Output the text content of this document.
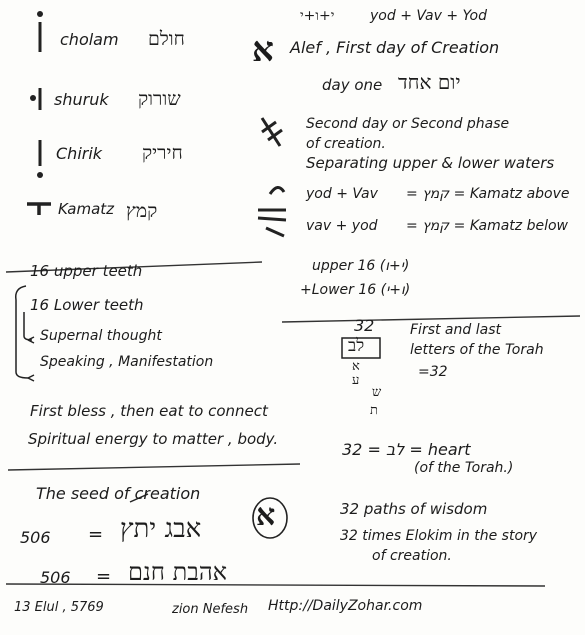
cholam חולם
shuruk שורוק
Chirik חיריק
Kamatz קמץ
י+ו+י	yod + Vav + Yod
א Alef , First day of Creation
day one יום אחד
Second day or Second phase
of creation.
Separating upper & lower waters
yod + Vav = קמץ = Kamatz above
vav + yod = קמץ = Kamatz below
upper 16 (י+ו)
+Lower 16 (ו+י)
16 upper teeth
16 Lower teeth
Supernal thought
Speaking , Manifestation
First bless , then eat to connect
Spiritual energy to matter , body.
32
לב
א
ע
ש
ת
First and last
letters of the Torah
=32
32 = לב = heart
(of the Torah.)
32 paths of wisdom
32 times Elokim in the story
of creation.
The seed of creation
506 = אבג יתץ א
506 = אהבת חנם
13 Elul , 5769	zion Nefesh Http://DailyZohar.com
